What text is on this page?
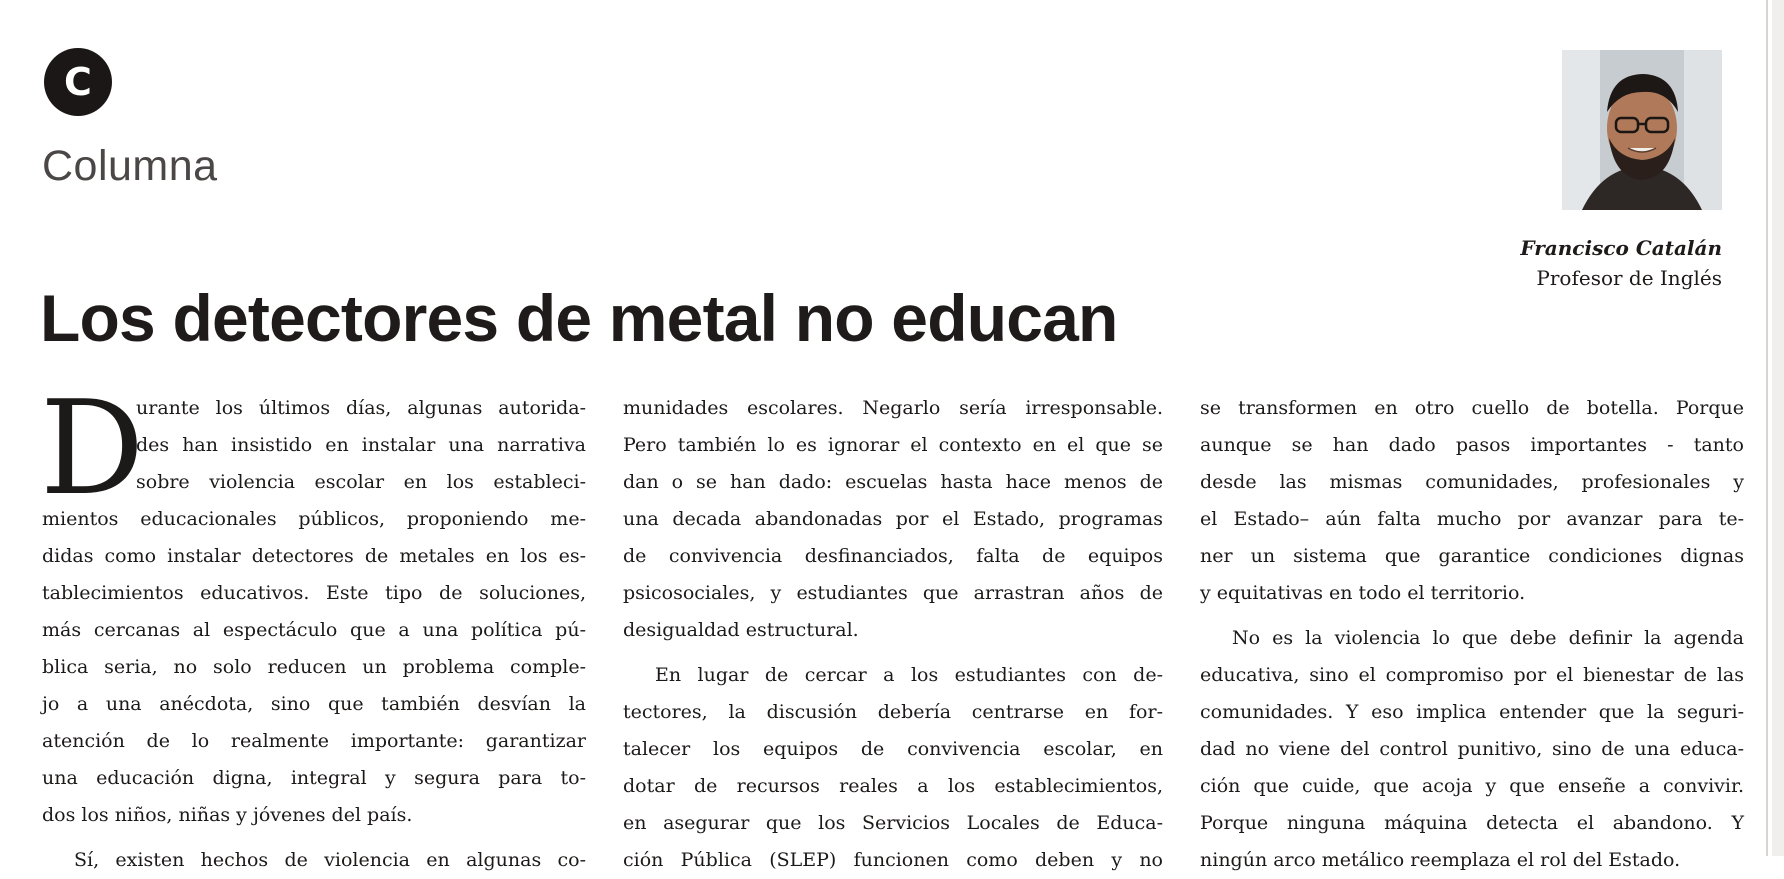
C
Columna
Los detectores de metal no educan
Francisco Catalán
Profesor de Inglés
D
urante los últimos días, algunas autorida-
des han insistido en instalar una narrativa
sobre violencia escolar en los estableci-
mientos educacionales públicos, proponiendo me-
didas como instalar detectores de metales en los es-
tablecimientos educativos. Este tipo de soluciones,
más cercanas al espectáculo que a una política pú-
blica seria, no solo reducen un problema comple-
jo a una anécdota, sino que también desvían la
atención de lo realmente importante: garantizar
una educación digna, integral y segura para to-
dos los niños, niñas y jóvenes del país.
Sí, existen hechos de violencia en algunas co-
munidades escolares. Negarlo sería irresponsable.
Pero también lo es ignorar el contexto en el que se
dan o se han dado: escuelas hasta hace menos de
una decada abandonadas por el Estado, programas
de convivencia desfinanciados, falta de equipos
psicosociales, y estudiantes que arrastran años de
desigualdad estructural.
En lugar de cercar a los estudiantes con de-
tectores, la discusión debería centrarse en for-
talecer los equipos de convivencia escolar, en
dotar de recursos reales a los establecimientos,
en asegurar que los Servicios Locales de Educa-
ción Pública (SLEP) funcionen como deben y no
se transformen en otro cuello de botella. Porque
aunque se han dado pasos importantes - tanto
desde las mismas comunidades, profesionales y
el Estado– aún falta mucho por avanzar para te-
ner un sistema que garantice condiciones dignas
y equitativas en todo el territorio.
No es la violencia lo que debe definir la agenda
educativa, sino el compromiso por el bienestar de las
comunidades. Y eso implica entender que la seguri-
dad no viene del control punitivo, sino de una educa-
ción que cuide, que acoja y que enseñe a convivir.
Porque ninguna máquina detecta el abandono. Y
ningún arco metálico reemplaza el rol del Estado.
